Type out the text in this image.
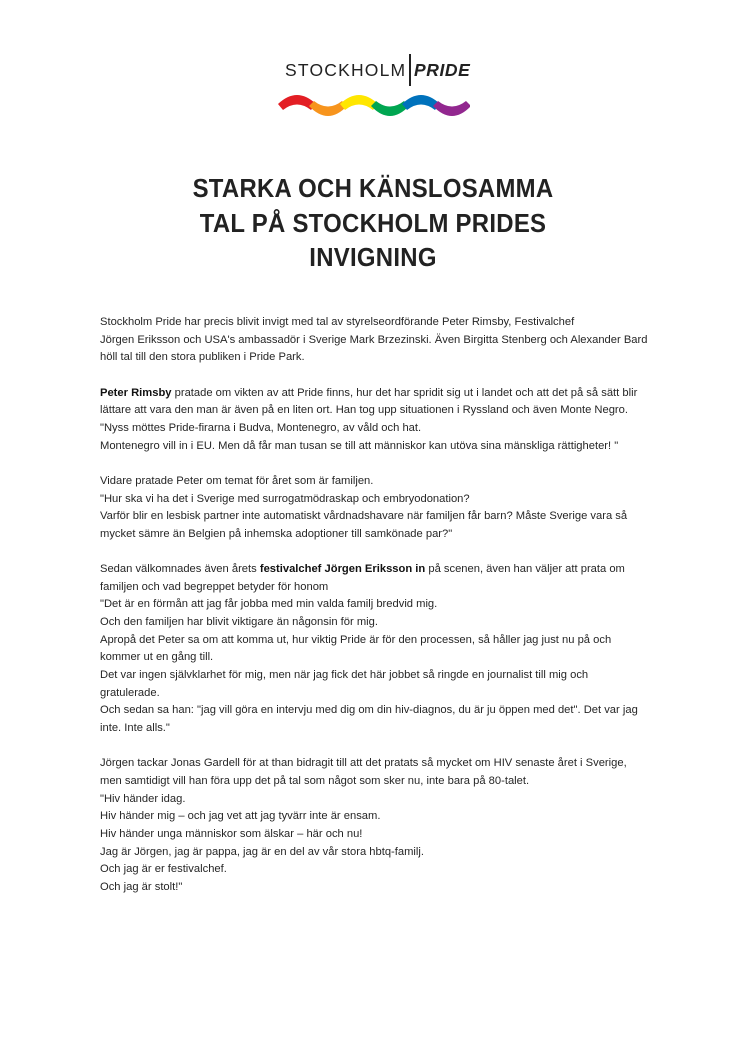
STOCKHOLM PRIDE
STARKA OCH KÄNSLOSAMMA
TAL PÅ STOCKHOLM PRIDES
INVIGNING
Stockholm Pride har precis blivit invigt med tal av styrelseordförande Peter Rimsby, Festivalchef
Jörgen Eriksson och USA's ambassadör i Sverige Mark Brzezinski. Även Birgitta Stenberg och Alexander Bard
höll tal till den stora publiken i Pride Park.
Peter Rimsby pratade om vikten av att Pride finns, hur det har spridit sig ut i landet och att det på så sätt blir
lättare att vara den man är även på en liten ort. Han tog upp situationen i Ryssland och även Monte Negro.
"Nyss möttes Pride-firarna i Budva, Montenegro, av våld och hat.
Montenegro vill in i EU. Men då får man tusan se till att människor kan utöva sina mänskliga rättigheter! "
Vidare pratade Peter om temat för året som är familjen.
"Hur ska vi ha det i Sverige med surrogatmödraskap och embryodonation?
Varför blir en lesbisk partner inte automatiskt vårdnadshavare när familjen får barn? Måste Sverige vara så
mycket sämre än Belgien på inhemska adoptioner till samkönade par?"
Sedan välkomnades även årets festivalchef Jörgen Eriksson in på scenen, även han väljer att prata om
familjen och vad begreppet betyder för honom
"Det är en förmån att jag får jobba med min valda familj bredvid mig.
Och den familjen har blivit viktigare än någonsin för mig.
Apropå det Peter sa om att komma ut, hur viktig Pride är för den processen, så håller jag just nu på och
kommer ut en gång till.
Det var ingen självklarhet för mig, men när jag fick det här jobbet så ringde en journalist till mig och
gratulerade.
Och sedan sa han: "jag vill göra en intervju med dig om din hiv-diagnos, du är ju öppen med det". Det var jag
inte. Inte alls."
Jörgen tackar Jonas Gardell för at than bidragit till att det pratats så mycket om HIV senaste året i Sverige,
men samtidigt vill han föra upp det på tal som något som sker nu, inte bara på 80-talet.
"Hiv händer idag.
Hiv händer mig – och jag vet att jag tyvärr inte är ensam.
Hiv händer unga människor som älskar – här och nu!
Jag är Jörgen, jag är pappa, jag är en del av vår stora hbtq-familj.
Och jag är er festivalchef.
Och jag är stolt!"
